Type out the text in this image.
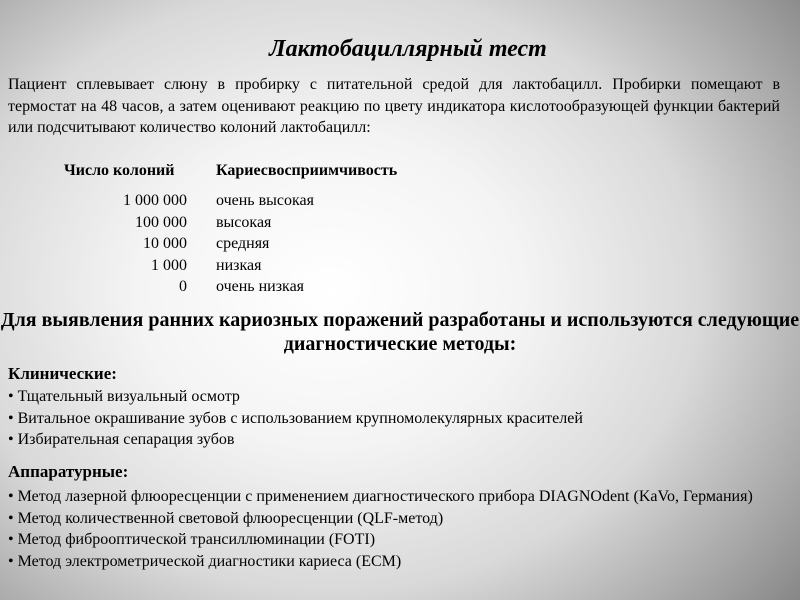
Лактобациллярный тест
Пациент сплевывает слюну в пробирку с питательной средой для лактобацилл. Пробирки помещают в термостат на 48 часов, а затем оценивают реакцию по цвету индикатора кислотообразующей функции бактерий или подсчитывают количество колоний лактобацилл:
Число колоний	Кариесвосприимчивость
1 000 000 очень высокая
100 000 высокая
10 000 средняя
1 000 низкая
0 очень низкая
Для выявления ранних кариозных поражений разработаны и используются следующие диагностические методы:
Клинические:
• Тщательный визуальный осмотр
• Витальное окрашивание зубов с использованием крупномолекулярных красителей
• Избирательная сепарация зубов
Аппаратурные:
• Метод лазерной флюоресценции с применением диагностического прибора DIAGNOdent (KaVo, Германия)
• Метод количественной световой флюоресценции (QLF-метод)
• Метод фиброоптической трансиллюминации (FOTI)
• Метод электрометрической диагностики кариеса (ECM)
